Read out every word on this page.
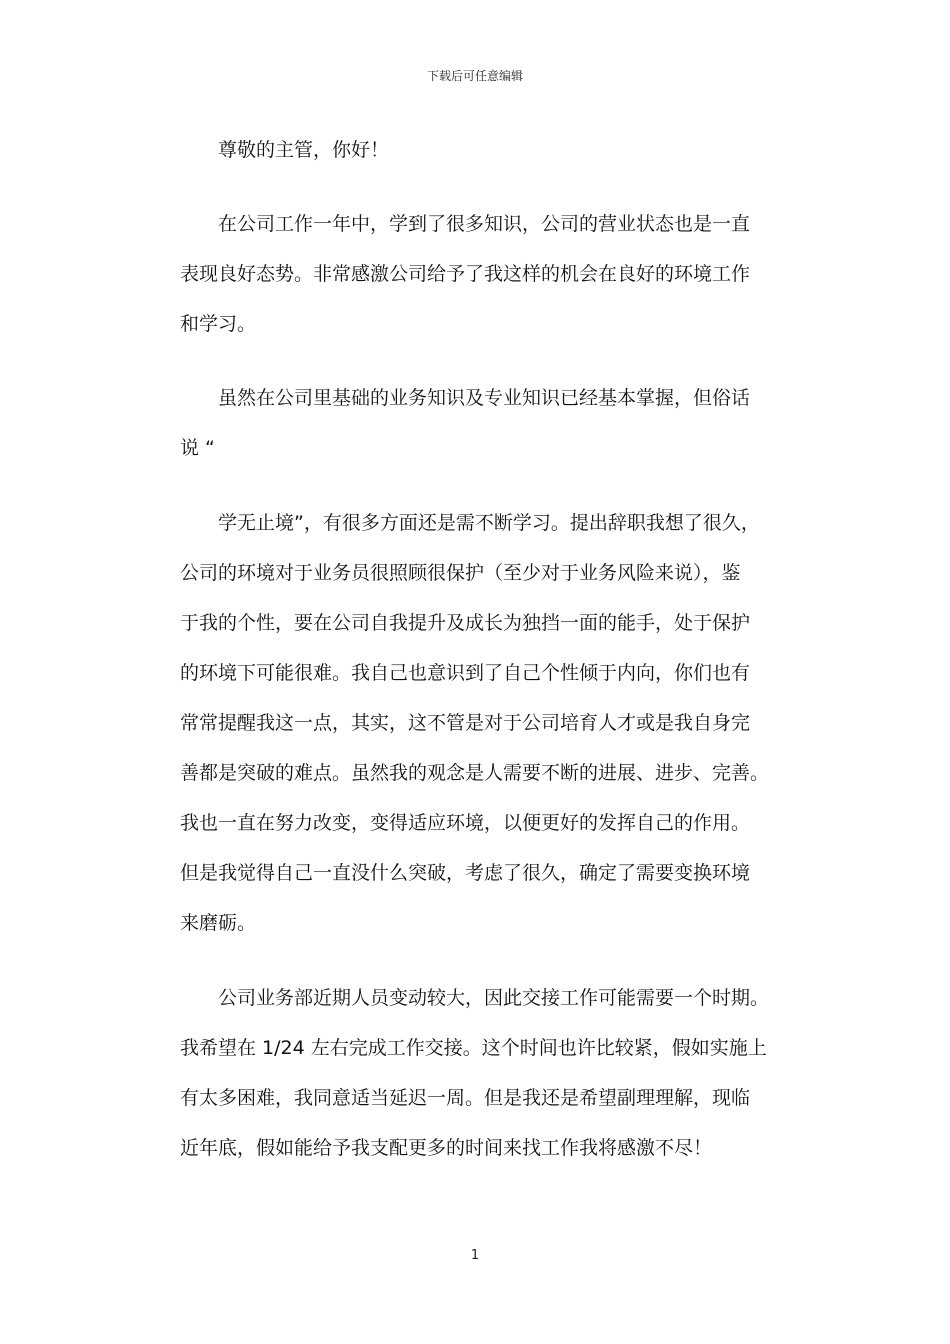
下载后可任意编辑
尊敬的主管，你好！
在公司工作一年中，学到了很多知识，公司的营业状态也是一直
表现良好态势。非常感激公司给予了我这样的机会在良好的环境工作
和学习。
虽然在公司里基础的业务知识及专业知识已经基本掌握，但俗话
说 “
学无止境”，有很多方面还是需不断学习。提出辞职我想了很久，
公司的环境对于业务员很照顾很保护（至少对于业务风险来说），鉴
于我的个性，要在公司自我提升及成长为独挡一面的能手，处于保护
的环境下可能很难。我自己也意识到了自己个性倾于内向，你们也有
常常提醒我这一点，其实，这不管是对于公司培育人才或是我自身完
善都是突破的难点。虽然我的观念是人需要不断的进展、进步、完善。
我也一直在努力改变，变得适应环境，以便更好的发挥自己的作用。
但是我觉得自己一直没什么突破，考虑了很久，确定了需要变换环境
来磨砺。
公司业务部近期人员变动较大，因此交接工作可能需要一个时期。
我希望在 1/24 左右完成工作交接。这个时间也许比较紧，假如实施上
有太多困难，我同意适当延迟一周。但是我还是希望副理理解，现临
近年底，假如能给予我支配更多的时间来找工作我将感激不尽！
1
